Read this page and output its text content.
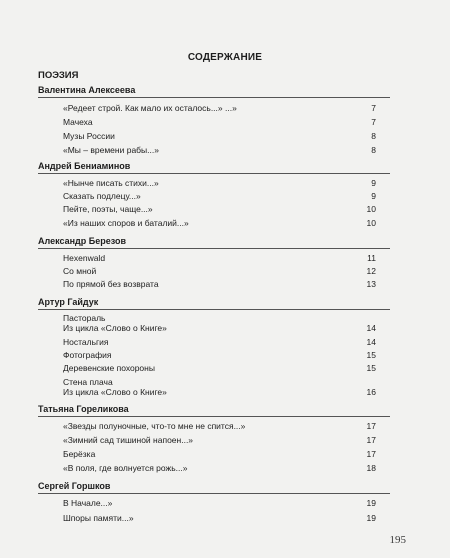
СОДЕРЖАНИЕ
ПОЭЗИЯ
Валентина Алексеева
«Редеет строй. Как мало их осталось...» ...»	7
Мачеха	7
Музы России	8
«Мы – времени рабы...»	8
Андрей Бениаминов
«Нынче писать стихи...»	9
Сказать подлецу...»	9
Пейте, поэты, чаще...»	10
«Из наших споров и баталий...»	10
Александр Березов
Hexenwald	11
Со мной	12
По прямой без возврата	13
Артур Гайдук
Пастораль
Из цикла «Слово о Книге»	14
Ностальгия	14
Фотография	15
Деревенские похороны	15
Стена плача
Из цикла «Слово о Книге»	16
Татьяна Гореликова
«Звезды полуночные, что-то мне не спится...»	17
«Зимний сад тишиной напоен...»	17
Берёзка	17
«В поля, где волнуется рожь...»	18
Сергей Горшков
В Начале...»	19
Шпоры памяти...»	19
195
